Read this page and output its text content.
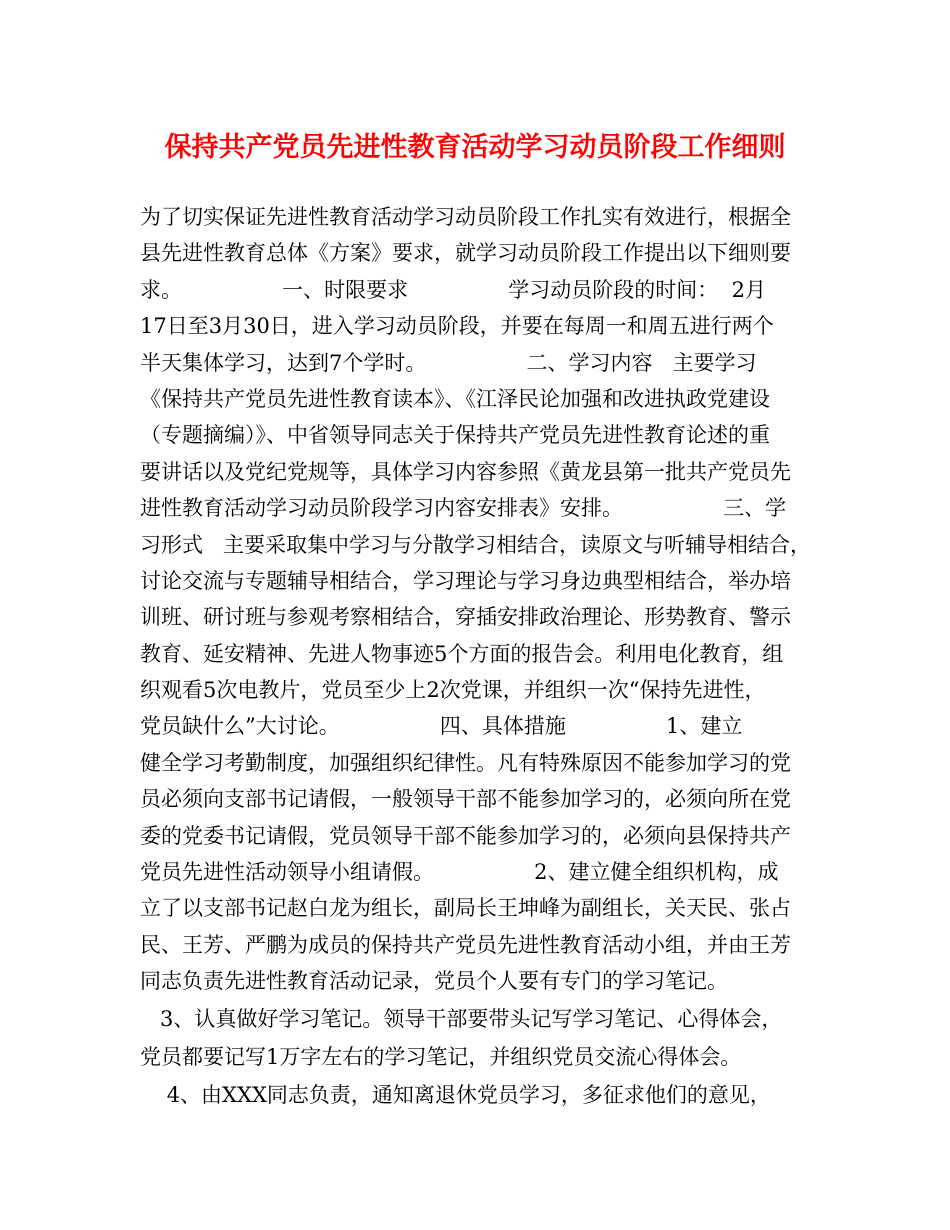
保持共产党员先进性教育活动学习动员阶段工作细则
为了切实保证先进性教育活动学习动员阶段工作扎实有效进行，根据全
县先进性教育总体《方案》要求，就学习动员阶段工作提出以下细则要
求。               一、时限要求               学习动员阶段的时间：  2月
17日至3月30日，进入学习动员阶段，并要在每周一和周五进行两个
半天集体学习，达到7个学时。               二、学习内容   主要学习
《保持共产党员先进性教育读本》、《江泽民论加强和改进执政党建设
（专题摘编）》、中省领导同志关于保持共产党员先进性教育论述的重
要讲话以及党纪党规等，具体学习内容参照《黄龙县第一批共产党员先
进性教育活动学习动员阶段学习内容安排表》安排。               三、学
习形式   主要采取集中学习与分散学习相结合，读原文与听辅导相结合，
讨论交流与专题辅导相结合，学习理论与学习身边典型相结合，举办培
训班、研讨班与参观考察相结合，穿插安排政治理论、形势教育、警示
教育、延安精神、先进人物事迹5个方面的报告会。利用电化教育，组
织观看5次电教片，党员至少上2次党课，并组织一次“保持先进性，
党员缺什么”大讨论。               四、具体措施               1、建立
健全学习考勤制度，加强组织纪律性。凡有特殊原因不能参加学习的党
员必须向支部书记请假，一般领导干部不能参加学习的，必须向所在党
委的党委书记请假，党员领导干部不能参加学习的，必须向县保持共产
党员先进性活动领导小组请假。               2、建立健全组织机构，成
立了以支部书记赵白龙为组长，副局长王坤峰为副组长，关天民、张占
民、王芳、严鹏为成员的保持共产党员先进性教育活动小组，并由王芳
同志负责先进性教育活动记录，党员个人要有专门的学习笔记。
3、认真做好学习笔记。领导干部要带头记写学习笔记、心得体会，
党员都要记写1万字左右的学习笔记，并组织党员交流心得体会。
4、由XXX同志负责，通知离退休党员学习，多征求他们的意见，
